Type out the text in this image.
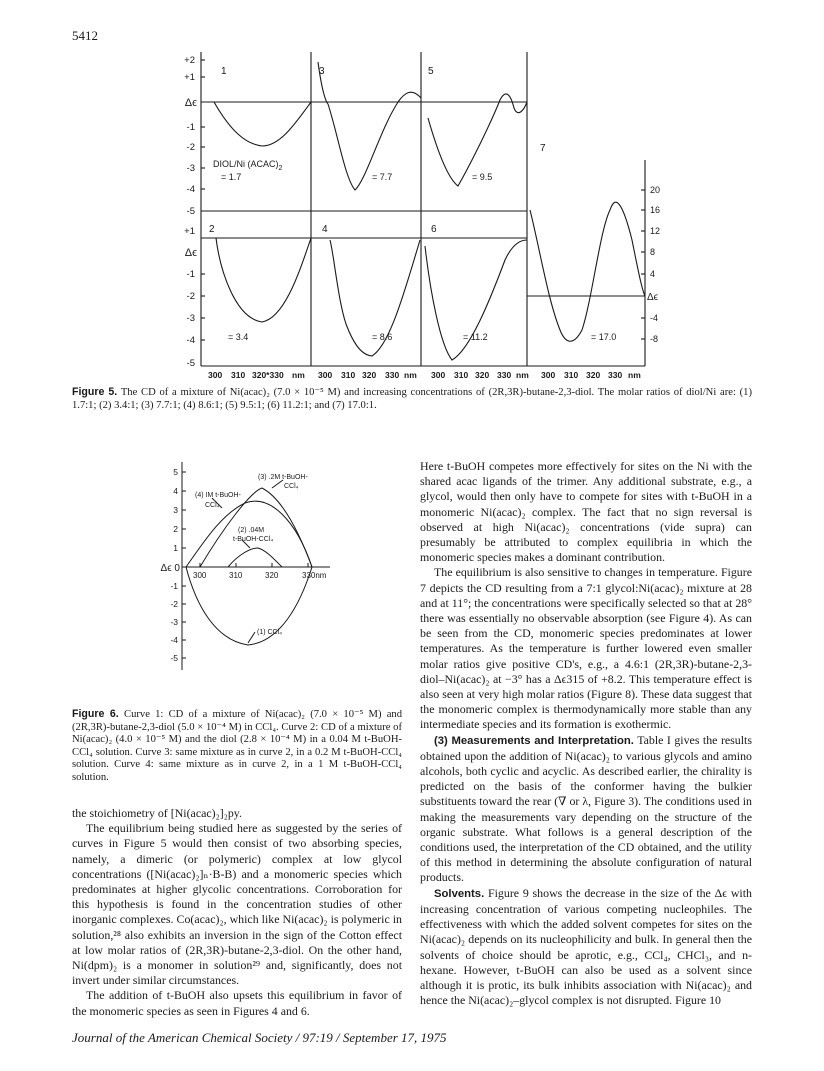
5412
+2
+1
Δϵ
-1
-2
-3
-4
-5
+1
Δϵ
-1
-2
-3
-4
-5
20
16
12
8
4
Δϵ
-4
-8
300 310 320*330 nm 300 310 320 330 nm 300 310 320 330 nm 300 310 320 330 nm
1
2
3
4
5
6
7
DIOL/Ni $(ACAC)_2$
= 1.7
= 3.4
= 7.7
= 8.6
= 9.5
= 11.2	= 17.0
Figure 5. The CD of a mixture of Ni(acac)₂ (7.0 × 10⁻⁵ M) and increasing concentrations of (2R,3R)-butane-2,3-diol. The molar ratios of diol/Ni are: (1) 1.7:1; (2) 3.4:1; (3) 7.7:1; (4) 8.6:1; (5) 9.5:1; (6) 11.2:1; and (7) 17.0:1.
5
4
3
2
1
Δϵ 0
-1
-2
-3
-4
-5
300	310	320	330nm
(3) .2M t-BuOH-
CCl₄
(4) IM t-BuOH-
CCl₄
(2) .04M
t-BuOH-CCl₄
(1) CCl₄
Figure 6. Curve 1: CD of a mixture of Ni(acac)₂ (7.0 × 10⁻⁵ M) and (2R,3R)-butane-2,3-diol (5.0 × 10⁻⁴ M) in CCl₄. Curve 2: CD of a mixture of Ni(acac)₂ (4.0 × 10⁻⁵ M) and the diol (2.8 × 10⁻⁴ M) in a 0.04 M t-BuOH-CCl₄ solution. Curve 3: same mixture as in curve 2, in a 0.2 M t-BuOH-CCl₄ solution. Curve 4: same mixture as in curve 2, in a 1 M t-BuOH-CCl₄ solution.

the stoichiometry of [Ni(acac)₂]₂py.

The equilibrium being studied here as suggested by the series of curves in Figure 5 would then consist of two absorbing species, namely, a dimeric (or polymeric) complex at low glycol concentrations ([Ni(acac)₂]ₙ·B-B) and a monomeric species which predominates at higher glycolic concentrations. Corroboration for this hypothesis is found in the concentration studies of other inorganic complexes. Co(acac)₂, which like Ni(acac)₂ is polymeric in solution,²⁸ also exhibits an inversion in the sign of the Cotton effect at low molar ratios of (2R,3R)-butane-2,3-diol. On the other hand, Ni(dpm)₂ is a monomer in solution²⁹ and, significantly, does not invert under similar circumstances.

The addition of t-BuOH also upsets this equilibrium in favor of the monomeric species as seen in Figures 4 and 6.

Here t-BuOH competes more effectively for sites on the Ni with the shared acac ligands of the trimer. Any additional substrate, e.g., a glycol, would then only have to compete for sites with t-BuOH in a monomeric Ni(acac)₂ complex. The fact that no sign reversal is observed at high Ni(acac)₂ concentrations (vide supra) can presumably be attributed to complex equilibria in which the monomeric species makes a dominant contribution.

The equilibrium is also sensitive to changes in temperature. Figure 7 depicts the CD resulting from a 7:1 glycol:Ni(acac)₂ mixture at 28 and at 11°; the concentrations were specifically selected so that at 28° there was essentially no observable absorption (see Figure 4). As can be seen from the CD, monomeric species predominates at lower temperatures. As the temperature is further lowered even smaller molar ratios give positive CD's, e.g., a 4.6:1 (2R,3R)-butane-2,3-diol–Ni(acac)₂ at −3° has a Δϵ315 of +8.2. This temperature effect is also seen at very high molar ratios (Figure 8). These data suggest that the monomeric complex is thermodynamically more stable than any intermediate species and its formation is exothermic.

(3) Measurements and Interpretation. Table I gives the results obtained upon the addition of Ni(acac)₂ to various glycols and amino alcohols, both cyclic and acyclic. As described earlier, the chirality is predicted on the basis of the conformer having the bulkier substituents toward the rear (∇ or λ, Figure 3). The conditions used in making the measurements vary depending on the structure of the organic substrate. What follows is a general description of the conditions used, the interpretation of the CD obtained, and the utility of this method in determining the absolute configuration of natural products.

Solvents. Figure 9 shows the decrease in the size of the Δϵ with increasing concentration of various competing nucleophiles. The effectiveness with which the added solvent competes for sites on the Ni(acac)₂ depends on its nucleophilicity and bulk. In general then the solvents of choice should be aprotic, e.g., CCl₄, CHCl₃, and n-hexane. However, t-BuOH can also be used as a solvent since although it is protic, its bulk inhibits association with Ni(acac)₂ and hence the Ni(acac)₂–glycol complex is not disrupted. Figure 10

Journal of the American Chemical Society / 97:19 / September 17, 1975
